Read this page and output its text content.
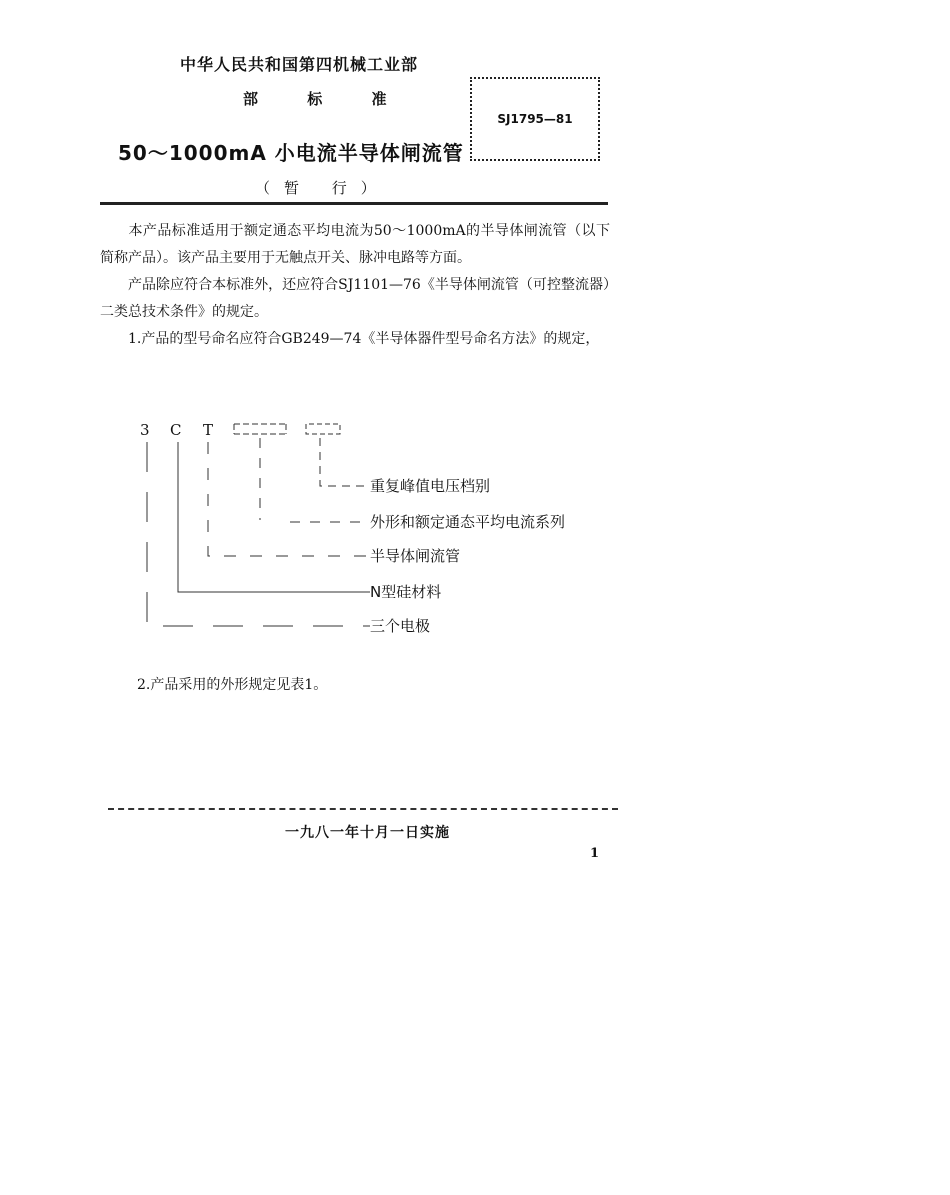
中华人民共和国第四机械工业部
部 标 准
50～1000mA 小电流半导体闸流管
（暂 行）
SJ1795—81
本产品标准适用于额定通态平均电流为50～1000mA的半导体闸流管（以下简称产品）。该产品主要用于无触点开关、脉冲电路等方面。
产品除应符合本标准外，还应符合SJ1101—76《半导体闸流管（可控整流器）二类总技术条件》的规定。
1.产品的型号命名应符合GB249—74《半导体器件型号命名方法》的规定，
3 C T
重复峰值电压档别
外形和额定通态平均电流系列
半导体闸流管
N型硅材料
三个电极
2.产品采用的外形规定见表1。
一九八一年十月一日实施
1
